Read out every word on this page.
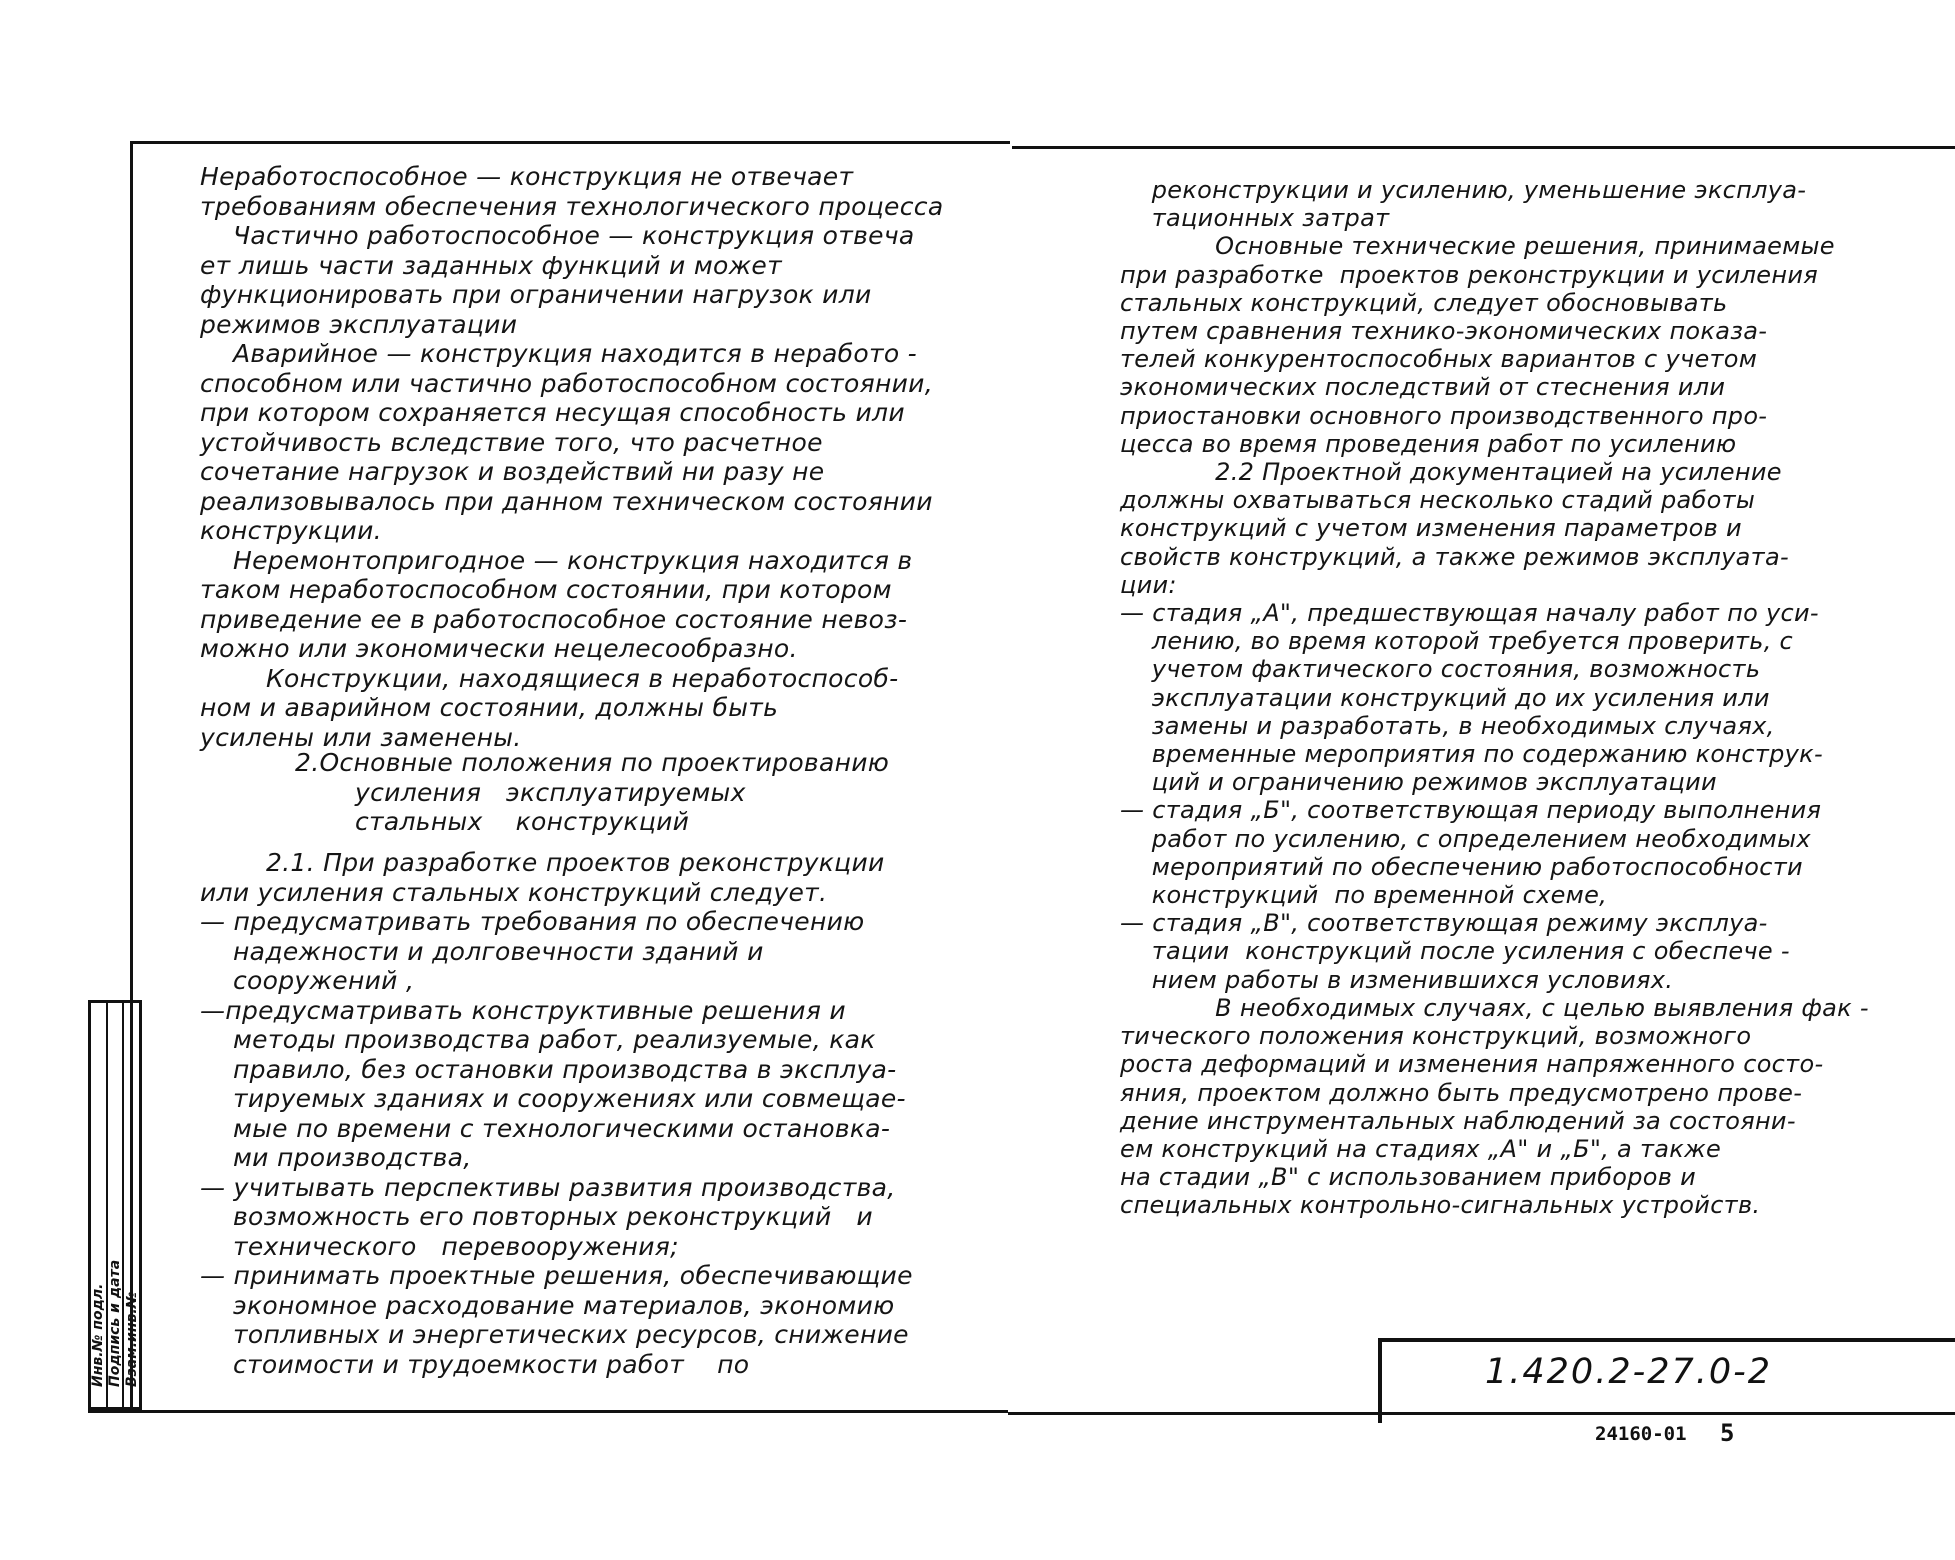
Инв.№ подл. Подпись и дата Взам.инв.№

Неработоспособное — конструкция не отвечает

требованиям обеспечения технологического процесса

Частично работоспособное — конструкция отвеча

ет лишь части заданных функций и может

функционировать при ограничении нагрузок или

режимов эксплуатации

Аварийное — конструкция находится в неработо -

способном или частично работоспособном состоянии,

при котором сохраняется несущая способность или

устойчивость вследствие того, что расчетное

сочетание нагрузок и воздействий ни разу не

реализовывалось при данном техническом состоянии

конструкции.

Неремонтопригодное — конструкция находится в

таком неработоспособном состоянии, при котором

приведение ее в работоспособное состояние невоз-

можно или экономически нецелесообразно.

Конструкции, находящиеся в неработоспособ-

ном и аварийном состоянии, должны быть

усилены или заменены.

2.Основные положения по проектированию

усиления   эксплуатируемых

стальных    конструкций

2.1. При разработке проектов реконструкции

или усиления стальных конструкций следует.

— предусматривать требования по обеспечению

надежности и долговечности зданий и

сооружений ,

—предусматривать конструктивные решения и

методы производства работ, реализуемые, как

правило, без остановки производства в эксплуа-

тируемых зданиях и сооружениях или совмещае-

мые по времени с технологическими остановка-

ми производства,

— учитывать перспективы развития производства,

возможность его повторных реконструкций   и

технического   перевооружения;

— принимать проектные решения, обеспечивающие

экономное расходование материалов, экономию

топливных и энергетических ресурсов, снижение

стоимости и трудоемкости работ    по

реконструкции и усилению, уменьшение эксплуа-

тационных затрат

Основные технические решения, принимаемые

при разработке  проектов реконструкции и усиления

стальных конструкций, следует обосновывать

путем сравнения технико-экономических показа-

телей конкурентоспособных вариантов с учетом

экономических последствий от стеснения или

приостановки основного производственного про-

цесса во время проведения работ по усилению

2.2 Проектной документацией на усиление

должны охватываться несколько стадий работы

конструкций с учетом изменения параметров и

свойств конструкций, а также режимов эксплуата-

ции:

— стадия „А", предшествующая началу работ по уси-

лению, во время которой требуется проверить, с

учетом фактического состояния, возможность

эксплуатации конструкций до их усиления или

замены и разработать, в необходимых случаях,

временные мероприятия по содержанию конструк-

ций и ограничению режимов эксплуатации

— стадия „Б", соответствующая периоду выполнения

работ по усилению, с определением необходимых

мероприятий по обеспечению работоспособности

конструкций  по временной схеме,

— стадия „В", соответствующая режиму эксплуа-

тации  конструкций после усиления с обеспече -

нием работы в изменившихся условиях.

В необходимых случаях, с целью выявления фак -

тического положения конструкций, возможного

роста деформаций и изменения напряженного состо-

яния, проектом должно быть предусмотрено прове-

дение инструментальных наблюдений за состояни-

ем конструкций на стадиях „А" и „Б", а также

на стадии „В" с использованием приборов и

специальных контрольно-сигнальных устройств.

1.420.2-27.0-2
24160-01 5
